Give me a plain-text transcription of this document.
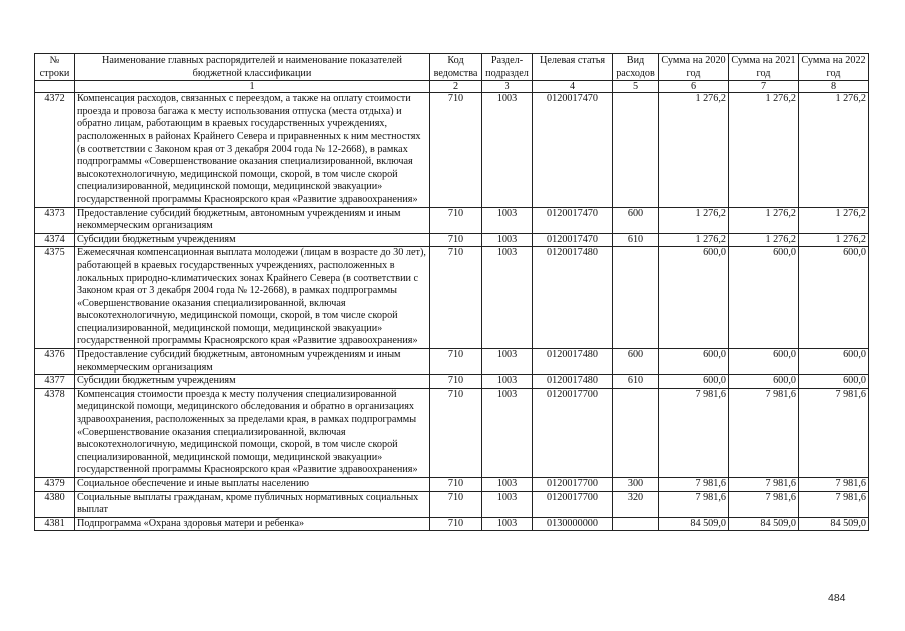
№ строки	Наименование главных распорядителей и наименование показателей бюджетной классификации	Код ведомства	Раздел-подраздел	Целевая статья	Вид расходов	Сумма на 2020 год	Сумма на 2021 год	Сумма на 2022 год
	1	2	3	4	5	6	7	8
4372	Компенсация расходов, связанных с переездом, а также на оплату стоимости проезда и провоза багажа к месту использования отпуска (места отдыха) и обратно лицам, работающим в краевых государственных учреждениях, расположенных в районах Крайнего Севера и приравненных к ним местностях (в соответствии с Законом края от 3 декабря 2004 года № 12-2668), в рамках подпрограммы «Совершенствование оказания специализированной, включая высокотехнологичную, медицинской помощи, скорой, в том числе скорой специализированной, медицинской помощи, медицинской эвакуации» государственной программы Красноярского края «Развитие здравоохранения»	710	1003	0120017470		1 276,2	1 276,2	1 276,2
4373	Предоставление субсидий бюджетным, автономным учреждениям и иным некоммерческим организациям	710	1003	0120017470	600	1 276,2	1 276,2	1 276,2
4374	Субсидии бюджетным учреждениям	710	1003	0120017470	610	1 276,2	1 276,2	1 276,2
4375	Ежемесячная компенсационная выплата молодежи (лицам в возрасте до 30 лет), работающей в краевых государственных учреждениях, расположенных в локальных природно-климатических зонах Крайнего Севера (в соответствии с Законом края от 3 декабря 2004 года № 12-2668), в рамках подпрограммы «Совершенствование оказания специализированной, включая высокотехнологичную, медицинской помощи, скорой, в том числе скорой специализированной, медицинской помощи, медицинской эвакуации» государственной программы Красноярского края «Развитие здравоохранения»	710	1003	0120017480		600,0	600,0	600,0
4376	Предоставление субсидий бюджетным, автономным учреждениям и иным некоммерческим организациям	710	1003	0120017480	600	600,0	600,0	600,0
4377	Субсидии бюджетным учреждениям	710	1003	0120017480	610	600,0	600,0	600,0
4378	Компенсация стоимости проезда к месту получения специализированной медицинской помощи, медицинского обследования и обратно в организациях здравоохранения, расположенных за пределами края, в рамках подпрограммы «Совершенствование оказания специализированной, включая высокотехнологичную, медицинской помощи, скорой, в том числе скорой специализированной, медицинской помощи, медицинской эвакуации» государственной программы Красноярского края «Развитие здравоохранения»	710	1003	0120017700		7 981,6	7 981,6	7 981,6
4379	Социальное обеспечение и иные выплаты населению	710	1003	0120017700	300	7 981,6	7 981,6	7 981,6
4380	Социальные выплаты гражданам, кроме публичных нормативных социальных выплат	710	1003	0120017700	320	7 981,6	7 981,6	7 981,6
4381	Подпрограмма «Охрана здоровья матери и ребенка»	710	1003	0130000000		84 509,0	84 509,0	84 509,0
484
